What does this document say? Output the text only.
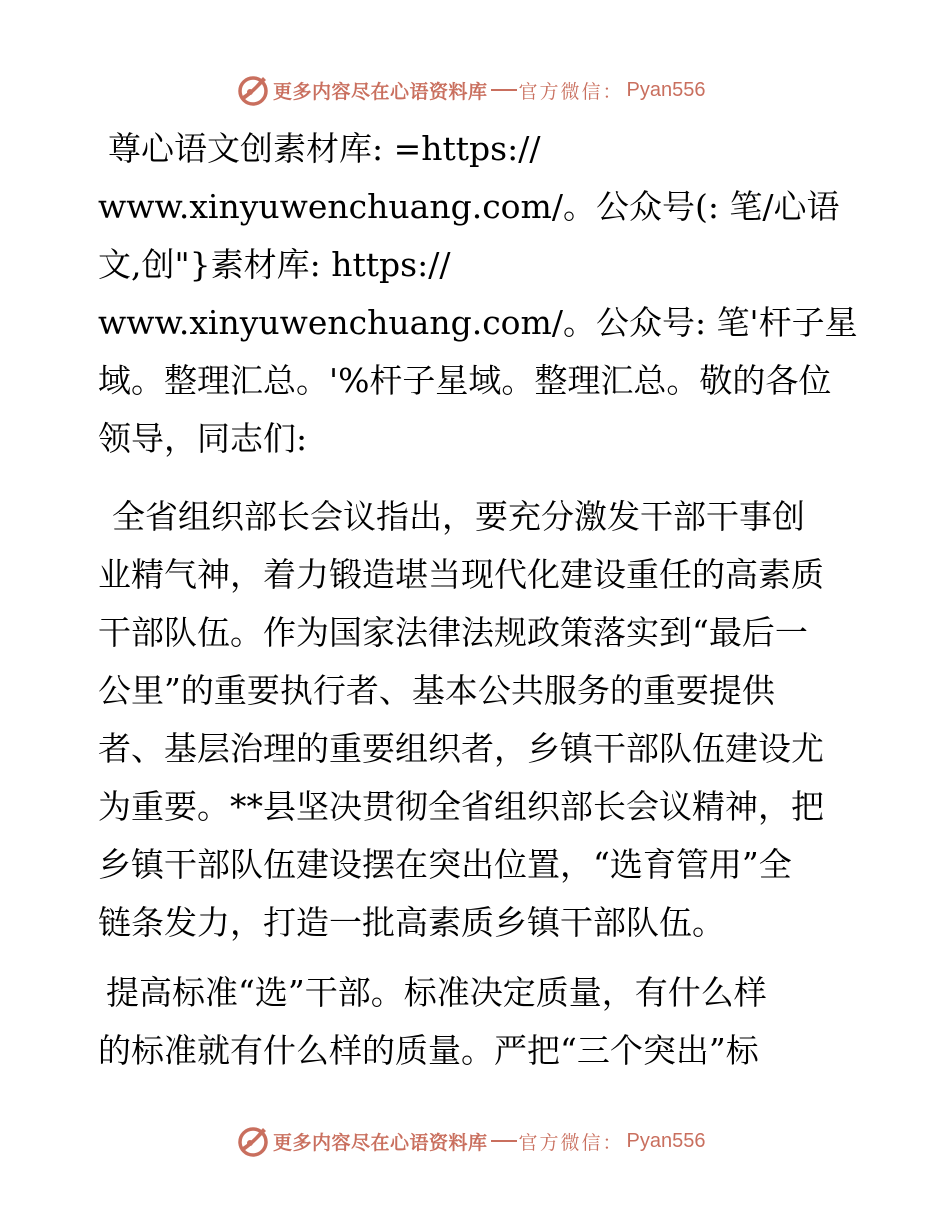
更多内容尽在心语资料库 官方微信： Pyan556
尊心语文创素材库: =https://
www.xinyuwenchuang.com/。公众号(: 笔/心语
文,创"}素材库: https://
www.xinyuwenchuang.com/。公众号: 笔'杆子星
域。整理汇总。'%杆子星域。整理汇总。敬的各位
领导，同志们:
全省组织部长会议指出，要充分激发干部干事创
业精气神，着力锻造堪当现代化建设重任的高素质
干部队伍。作为国家法律法规政策落实到“最后一
公里”的重要执行者、基本公共服务的重要提供
者、基层治理的重要组织者，乡镇干部队伍建设尤
为重要。**县坚决贯彻全省组织部长会议精神，把
乡镇干部队伍建设摆在突出位置，“选育管用”全
链条发力，打造一批高素质乡镇干部队伍。
提高标准“选”干部。标准决定质量，有什么样
的标准就有什么样的质量。严把“三个突出”标
更多内容尽在心语资料库 官方微信： Pyan556
